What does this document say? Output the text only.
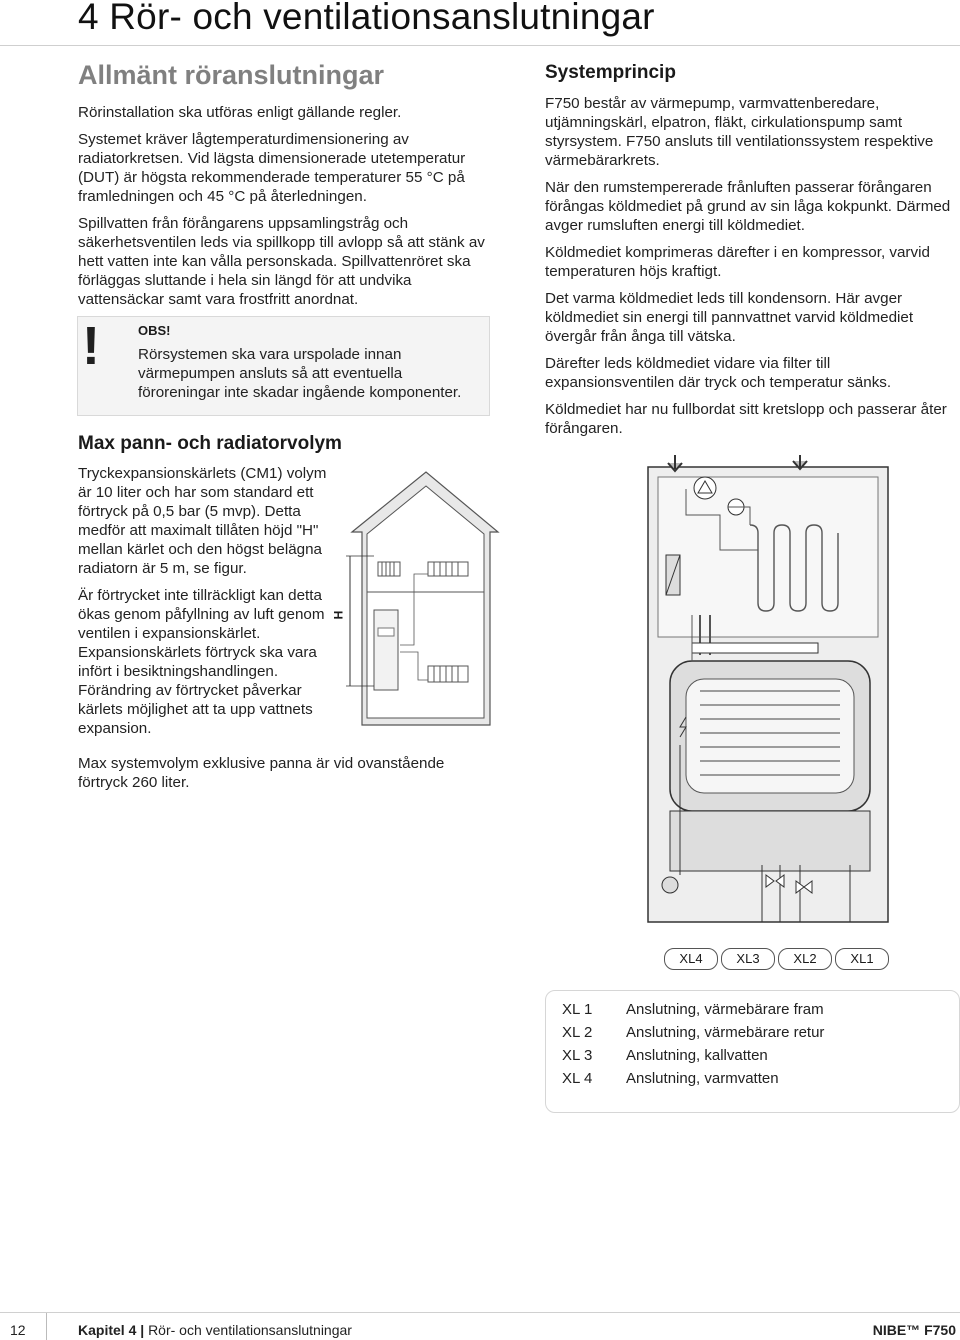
4 Rör- och ventilationsanslutningar
Allmänt röranslutningar

Rörinstallation ska utföras enligt gällande regler.

Systemet kräver lågtemperaturdimensionering av radiatorkretsen. Vid lägsta dimensionerade utetemperatur (DUT) är högsta rekommenderade temperaturer 55 °C på framledningen och 45 °C på återledningen.

Spillvatten från förångarens uppsamlingstråg och säkerhetsventilen leds via spillkopp till avlopp så att stänk av hett vatten inte kan vålla personskada. Spillvattenröret ska förläggas sluttande i hela sin längd för att undvika vattensäckar samt vara frostfritt anordnat.

!	OBS!
Rörsystemen ska vara urspolade innan värmepumpen ansluts så att eventuella föroreningar inte skadar ingående komponenter.
Max pann- och radiatorvolym

Tryckexpansionskärlets (CM1) volym är 10 liter och har som standard ett förtryck på 0,5 bar (5 mvp). Detta medför att maximalt tillåten höjd "H" mellan kärlet och den högst belägna radiatorn är 5 m, se figur.

Är förtrycket inte tillräckligt kan detta ökas genom påfyllning av luft genom ventilen i expansionskärlet. Expansionskärlets förtryck ska vara infört i besiktningshandlingen. Förändring av förtrycket påverkar kärlets möjlighet att ta upp vattnets expansion.

Max systemvolym exklusive panna är vid ovanstående förtryck 260 liter.

H
Systemprincip

F750 består av värmepump, varmvattenberedare, utjämningskärl, elpatron, fläkt, cirkulationspump samt styrsystem. F750 ansluts till ventilationssystem respektive värmebärarkrets.

När den rumstempererade frånluften passerar förångaren förångas köldmediet på grund av sin låga kokpunkt. Därmed avger rumsluften energi till köldmediet.

Köldmediet komprimeras därefter i en kompressor, varvid temperaturen höjs kraftigt.

Det varma köldmediet leds till kondensorn. Här avger köldmediet sin energi till pannvattnet varvid köldmediet övergår från ånga till vätska.

Därefter leds köldmediet vidare via filter till expansionsventilen där tryck och temperatur sänks.

Köldmediet har nu fullbordat sitt kretslopp och passerar åter förångaren.

XL4	XL3	XL2	XL1
XL 1 Anslutning, värmebärare fram
XL 2 Anslutning, värmebärare retur
XL 3 Anslutning, kallvatten
XL 4 Anslutning, varmvatten
12	Kapitel 4 | Rör- och ventilationsanslutningar	NIBE™ F750
